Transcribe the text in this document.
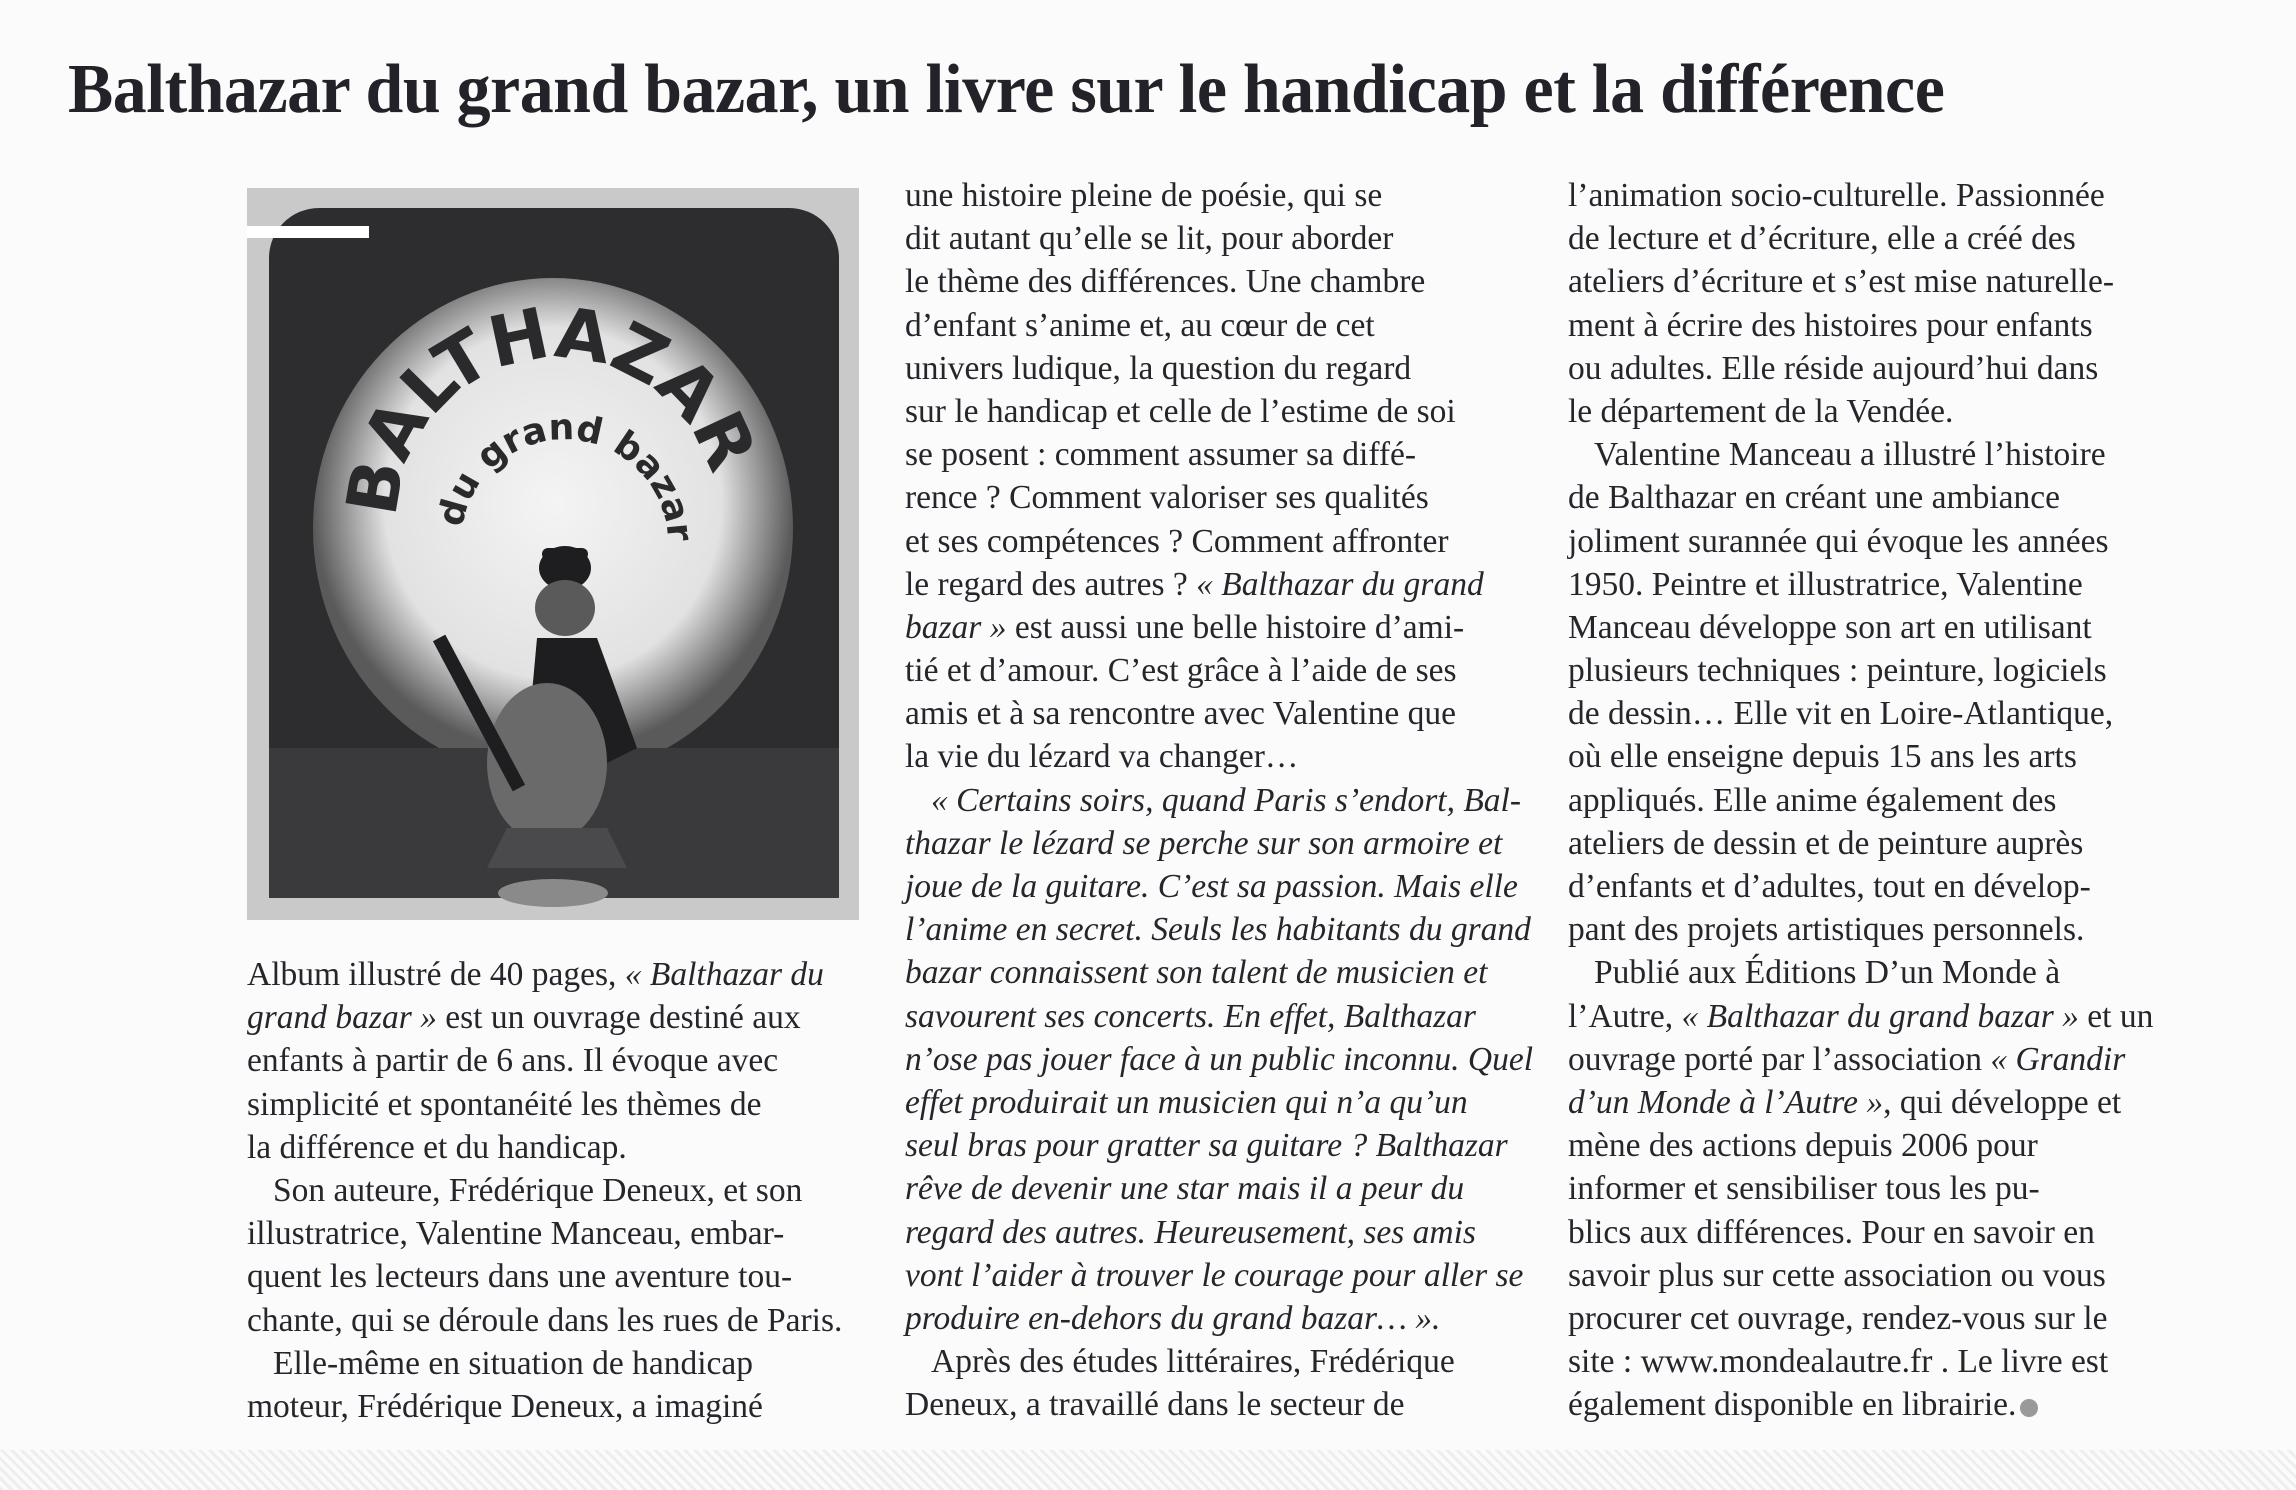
Balthazar du grand bazar, un livre sur le handicap et la différence
BALTHAZAR
du grand bazar
Album illustré de 40 pages, « Balthazar du
grand bazar » est un ouvrage destiné aux
enfants à partir de 6 ans. Il évoque avec
simplicité et spontanéité les thèmes de
la différence et du handicap.
Son auteure, Frédérique Deneux, et son
illustratrice, Valentine Manceau, embar-
quent les lecteurs dans une aventure tou-
chante, qui se déroule dans les rues de Paris.
Elle-même en situation de handicap
moteur, Frédérique Deneux, a imaginé
une histoire pleine de poésie, qui se
dit autant qu’elle se lit, pour aborder
le thème des différences. Une chambre
d’enfant s’anime et, au cœur de cet
univers ludique, la question du regard
sur le handicap et celle de l’estime de soi
se posent : comment assumer sa diffé-
rence ? Comment valoriser ses qualités
et ses compétences ? Comment affronter
le regard des autres ? « Balthazar du grand
bazar » est aussi une belle histoire d’ami-
tié et d’amour. C’est grâce à l’aide de ses
amis et à sa rencontre avec Valentine que
la vie du lézard va changer…
« Certains soirs, quand Paris s’endort, Bal-
thazar le lézard se perche sur son armoire et
joue de la guitare. C’est sa passion. Mais elle
l’anime en secret. Seuls les habitants du grand
bazar connaissent son talent de musicien et
savourent ses concerts. En effet, Balthazar
n’ose pas jouer face à un public inconnu. Quel
effet produirait un musicien qui n’a qu’un
seul bras pour gratter sa guitare ? Balthazar
rêve de devenir une star mais il a peur du
regard des autres. Heureusement, ses amis
vont l’aider à trouver le courage pour aller se
produire en-dehors du grand bazar… ».
Après des études littéraires, Frédérique
Deneux, a travaillé dans le secteur de
l’animation socio-culturelle. Passionnée
de lecture et d’écriture, elle a créé des
ateliers d’écriture et s’est mise naturelle-
ment à écrire des histoires pour enfants
ou adultes. Elle réside aujourd’hui dans
le département de la Vendée.
Valentine Manceau a illustré l’histoire
de Balthazar en créant une ambiance
joliment surannée qui évoque les années
1950. Peintre et illustratrice, Valentine
Manceau développe son art en utilisant
plusieurs techniques : peinture, logiciels
de dessin… Elle vit en Loire-Atlantique,
où elle enseigne depuis 15 ans les arts
appliqués. Elle anime également des
ateliers de dessin et de peinture auprès
d’enfants et d’adultes, tout en dévelop-
pant des projets artistiques personnels.
Publié aux Éditions D’un Monde à
l’Autre, « Balthazar du grand bazar » et un
ouvrage porté par l’association « Grandir
d’un Monde à l’Autre », qui développe et
mène des actions depuis 2006 pour
informer et sensibiliser tous les pu-
blics aux différences. Pour en savoir en
savoir plus sur cette association ou vous
procurer cet ouvrage, rendez-vous sur le
site : www.mondealautre.fr . Le livre est
également disponible en librairie.
